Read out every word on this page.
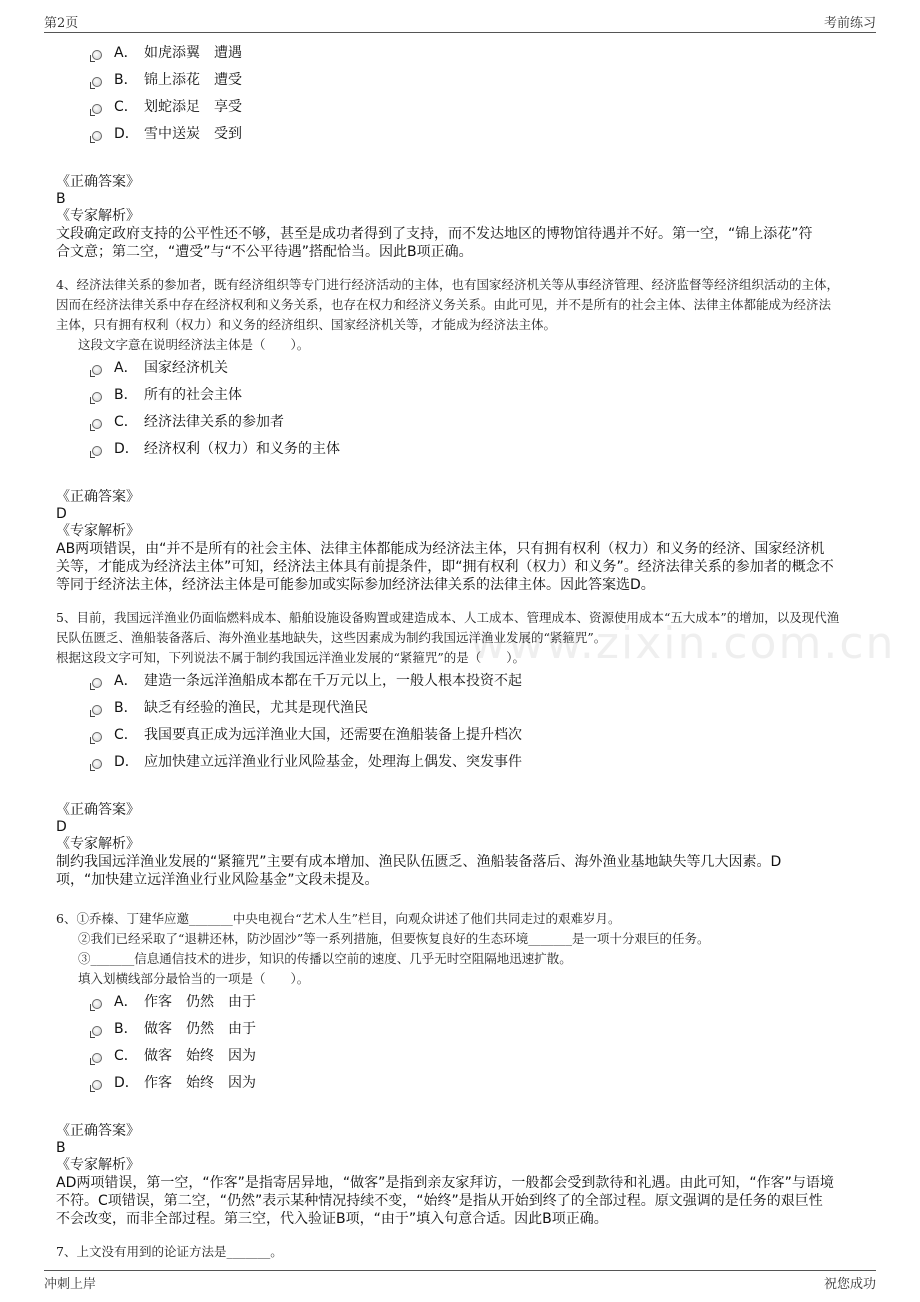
第2页	考前练习
www.zixin.com.cn
A． 如虎添翼　遭遇
B． 锦上添花　遭受
C． 划蛇添足　享受
D． 雪中送炭　受到
《正确答案》
B
《专家解析》
文段确定政府支持的公平性还不够，甚至是成功者得到了支持，而不发达地区的博物馆待遇并不好。第一空，“锦上添花”符
合文意；第二空，“遭受”与“不公平待遇”搭配恰当。因此B项正确。
4、经济法律关系的参加者，既有经济组织等专门进行经济活动的主体，也有国家经济机关等从事经济管理、经济监督等经济组织活动的主体，
因而在经济法律关系中存在经济权利和义务关系，也存在权力和经济义务关系。由此可见，并不是所有的社会主体、法律主体都能成为经济法
主体，只有拥有权利（权力）和义务的经济组织、国家经济机关等，才能成为经济法主体。
这段文字意在说明经济法主体是（　　）。
A． 国家经济机关
B． 所有的社会主体
C． 经济法律关系的参加者
D． 经济权利（权力）和义务的主体
《正确答案》
D
《专家解析》
AB两项错误，由“并不是所有的社会主体、法律主体都能成为经济法主体，只有拥有权利（权力）和义务的经济、国家经济机
关等，才能成为经济法主体”可知，经济法主体具有前提条件，即“拥有权利（权力）和义务”。经济法律关系的参加者的概念不
等同于经济法主体，经济法主体是可能参加或实际参加经济法律关系的法律主体。因此答案选D。
5、目前，我国远洋渔业仍面临燃料成本、船舶设施设备购置或建造成本、人工成本、管理成本、资源使用成本“五大成本”的增加，以及现代渔
民队伍匮乏、渔船装备落后、海外渔业基地缺失，这些因素成为制约我国远洋渔业发展的“紧箍咒”。
根据这段文字可知，下列说法不属于制约我国远洋渔业发展的“紧箍咒”的是（　　）。
A． 建造一条远洋渔船成本都在千万元以上，一般人根本投资不起
B． 缺乏有经验的渔民，尤其是现代渔民
C． 我国要真正成为远洋渔业大国，还需要在渔船装备上提升档次
D． 应加快建立远洋渔业行业风险基金，处理海上偶发、突发事件
《正确答案》
D
《专家解析》
制约我国远洋渔业发展的“紧箍咒”主要有成本增加、渔民队伍匮乏、渔船装备落后、海外渔业基地缺失等几大因素。D
项，“加快建立远洋渔业行业风险基金”文段未提及。
6、①乔榛、丁建华应邀_______中央电视台“艺术人生”栏目，向观众讲述了他们共同走过的艰难岁月。
②我们已经采取了“退耕还林，防沙固沙”等一系列措施，但要恢复良好的生态环境_______是一项十分艰巨的任务。
③_______信息通信技术的进步，知识的传播以空前的速度、几乎无时空阻隔地迅速扩散。
填入划横线部分最恰当的一项是（　　）。
A． 作客　仍然　由于
B． 做客　仍然　由于
C． 做客　始终　因为
D． 作客　始终　因为
《正确答案》
B
《专家解析》
AD两项错误，第一空，“作客”是指寄居异地，“做客”是指到亲友家拜访，一般都会受到款待和礼遇。由此可知，“作客”与语境
不符。C项错误，第二空，“仍然”表示某种情况持续不变，“始终”是指从开始到终了的全部过程。原文强调的是任务的艰巨性
不会改变，而非全部过程。第三空，代入验证B项，“由于”填入句意合适。因此B项正确。
7、上文没有用到的论证方法是_______。
冲刺上岸	祝您成功
